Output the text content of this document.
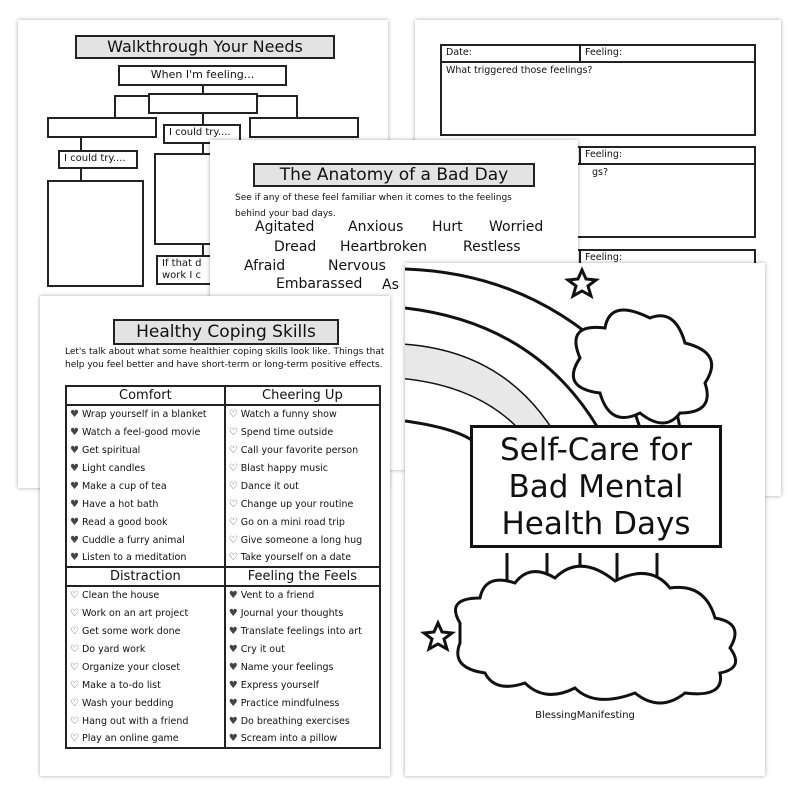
Walkthrough Your Needs
When I'm feeling...
I could try....
I could try....
If that d
work I c
Date:	Feeling:
What triggered those feelings?
Feeling:
gs?
Feeling:
The Anatomy of a Bad Day
See if any of these feel familiar when it comes to the feelings behind your bad days.
Agitated Anxious Hurt Worried
Dread Heartbroken	Restless
Afraid	Nervous
Embarassed As
Healthy Coping Skills
Let's talk about what some healthier coping skills look like. Things that help you feel better and have short-term or long-term positive effects.
Comfort	Cheering Up
♥ Wrap yourself in a blanket	♡ Watch a funny show
♥ Watch a feel-good movie	♡ Spend time outside
♥ Get spiritual	♡ Call your favorite person
♥ Light candles	♡ Blast happy music
♥ Make a cup of tea	♡ Dance it out
♥ Have a hot bath	♡ Change up your routine
♥ Read a good book	♡ Go on a mini road trip
♥ Cuddle a furry animal	♡ Give someone a long hug
♥ Listen to a meditation	♡ Take yourself on a date
Distraction	Feeling the Feels
♡ Clean the house	♥ Vent to a friend
♡ Work on an art project	♥ Journal your thoughts
♡ Get some work done	♥ Translate feelings into art
♡ Do yard work	♥ Cry it out
♡ Organize your closet	♥ Name your feelings
♡ Make a to-do list	♥ Express yourself
♡ Wash your bedding	♥ Practice mindfulness
♡ Hang out with a friend	♥ Do breathing exercises
♡ Play an online game	♥ Scream into a pillow
Self-Care for
Bad Mental
Health Days
BlessingManifesting
